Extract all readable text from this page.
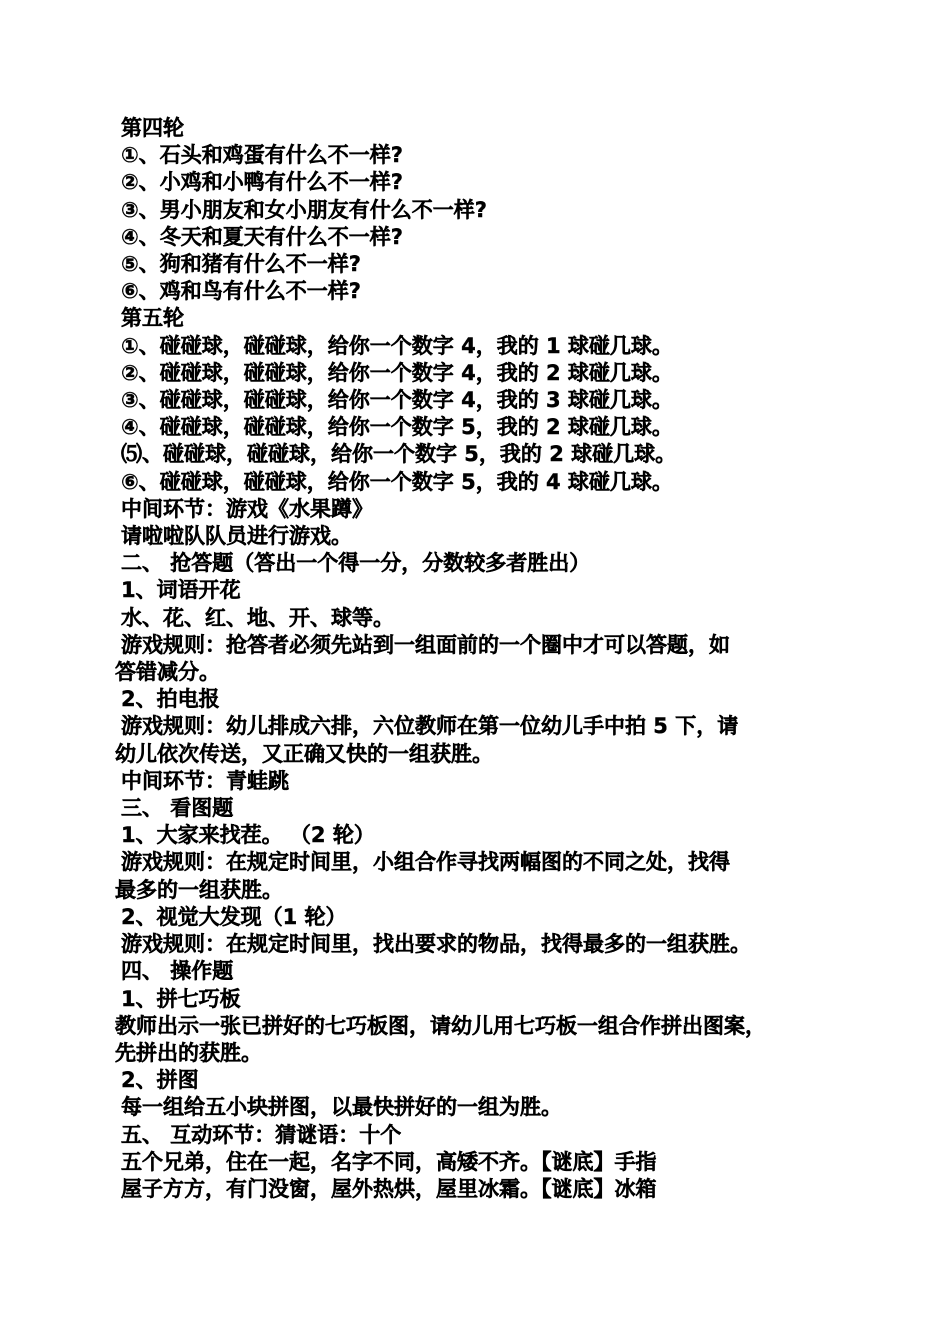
第四轮
①、石头和鸡蛋有什么不一样?
②、小鸡和小鸭有什么不一样?
③、男小朋友和女小朋友有什么不一样?
④、冬天和夏天有什么不一样?
⑤、狗和猪有什么不一样?
⑥、鸡和鸟有什么不一样?
第五轮
①、碰碰球，碰碰球，给你一个数字 4，我的 1 球碰几球。
②、碰碰球，碰碰球，给你一个数字 4，我的 2 球碰几球。
③、碰碰球，碰碰球，给你一个数字 4，我的 3 球碰几球。
④、碰碰球，碰碰球，给你一个数字 5，我的 2 球碰几球。
⑸、碰碰球，碰碰球，给你一个数字 5，我的 2 球碰几球。
⑥、碰碰球，碰碰球，给你一个数字 5，我的 4 球碰几球。
中间环节：游戏《水果蹲》
请啦啦队队员进行游戏。
二、 抢答题（答出一个得一分，分数较多者胜出）
1、词语开花
水、花、红、地、开、球等。
游戏规则：抢答者必须先站到一组面前的一个圈中才可以答题，如
答错减分。
2、拍电报
游戏规则：幼儿排成六排，六位教师在第一位幼儿手中拍 5 下，请
幼儿依次传送，又正确又快的一组获胜。
中间环节：青蛙跳
三、 看图题
1、大家来找茬。 （2 轮）
游戏规则：在规定时间里，小组合作寻找两幅图的不同之处，找得
最多的一组获胜。
2、视觉大发现（1 轮）
游戏规则：在规定时间里，找出要求的物品，找得最多的一组获胜。
四、 操作题
1、拼七巧板
教师出示一张已拼好的七巧板图，请幼儿用七巧板一组合作拼出图案，
先拼出的获胜。
2、拼图
每一组给五小块拼图，以最快拼好的一组为胜。
五、 互动环节：猜谜语：十个
五个兄弟，住在一起，名字不同，高矮不齐。【谜底】手指
屋子方方，有门没窗，屋外热烘，屋里冰霜。【谜底】冰箱
